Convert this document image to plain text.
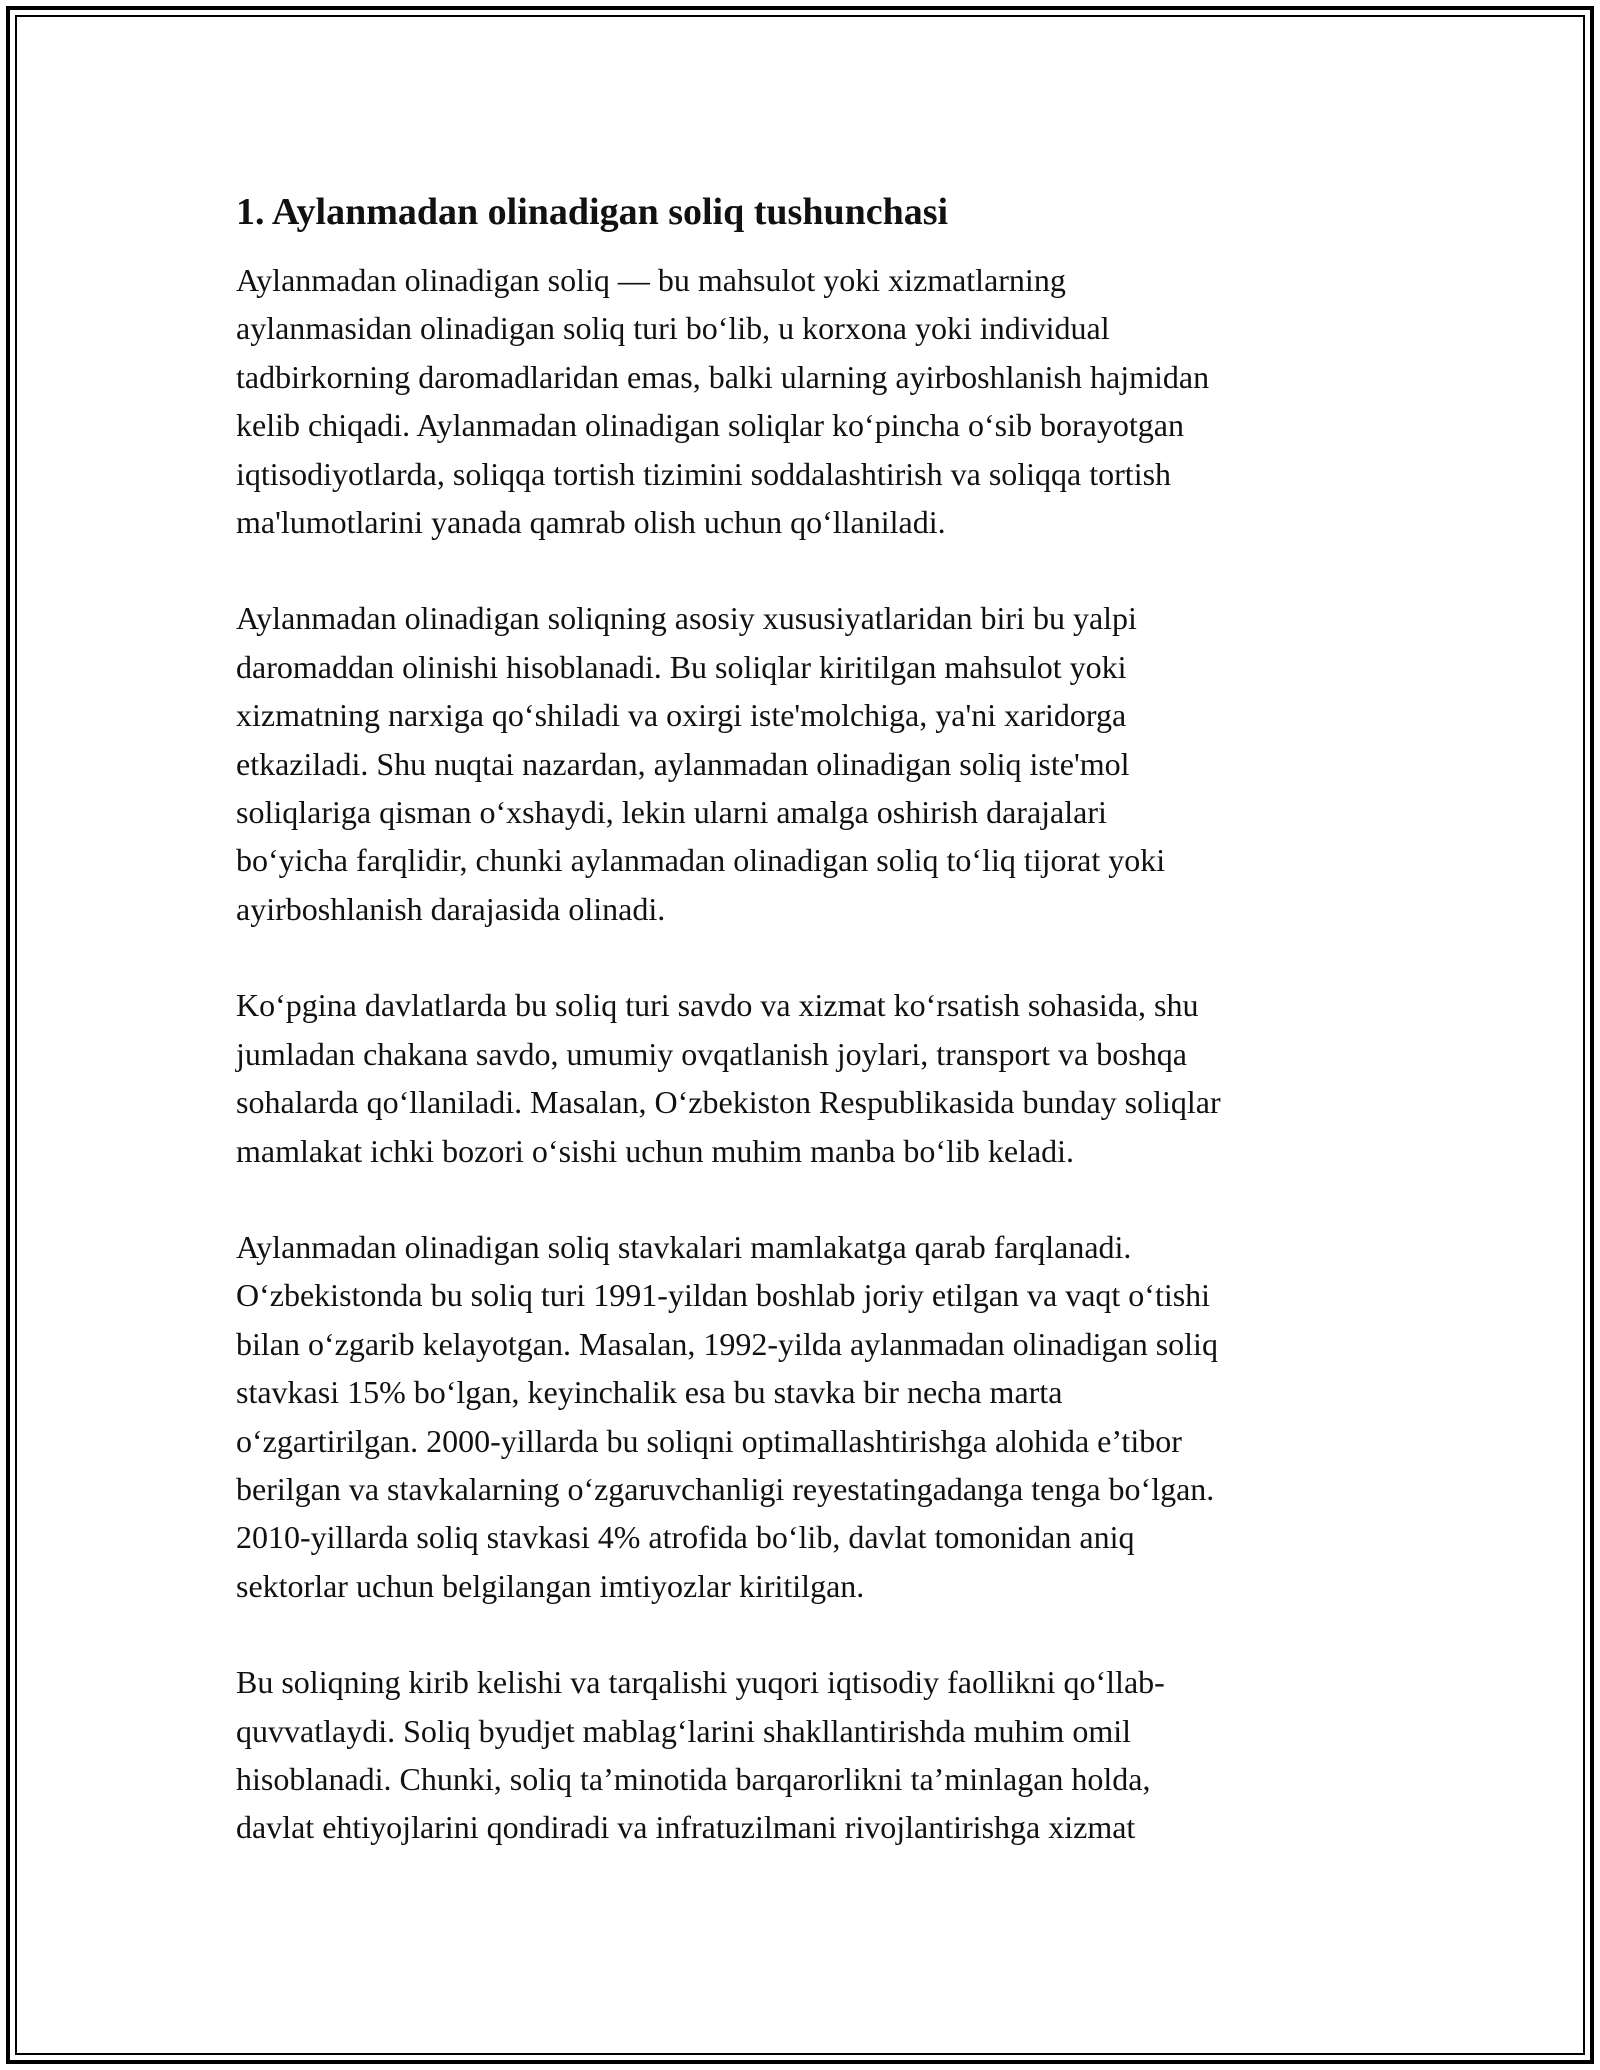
1. Aylanmadan olinadigan soliq tushunchasi
Aylanmadan olinadigan soliq — bu mahsulot yoki xizmatlarning
aylanmasidan olinadigan soliq turi bo‘lib, u korxona yoki individual
tadbirkorning daromadlaridan emas, balki ularning ayirboshlanish hajmidan
kelib chiqadi. Aylanmadan olinadigan soliqlar ko‘pincha o‘sib borayotgan
iqtisodiyotlarda, soliqqa tortish tizimini soddalashtirish va soliqqa tortish
ma'lumotlarini yanada qamrab olish uchun qo‘llaniladi.
Aylanmadan olinadigan soliqning asosiy xususiyatlaridan biri bu yalpi
daromaddan olinishi hisoblanadi. Bu soliqlar kiritilgan mahsulot yoki
xizmatning narxiga qo‘shiladi va oxirgi iste'molchiga, ya'ni xaridorga
etkaziladi. Shu nuqtai nazardan, aylanmadan olinadigan soliq iste'mol
soliqlariga qisman o‘xshaydi, lekin ularni amalga oshirish darajalari
bo‘yicha farqlidir, chunki aylanmadan olinadigan soliq to‘liq tijorat yoki
ayirboshlanish darajasida olinadi.
Ko‘pgina davlatlarda bu soliq turi savdo va xizmat ko‘rsatish sohasida, shu
jumladan chakana savdo, umumiy ovqatlanish joylari, transport va boshqa
sohalarda qo‘llaniladi. Masalan, O‘zbekiston Respublikasida bunday soliqlar
mamlakat ichki bozori o‘sishi uchun muhim manba bo‘lib keladi.
Aylanmadan olinadigan soliq stavkalari mamlakatga qarab farqlanadi.
O‘zbekistonda bu soliq turi 1991-yildan boshlab joriy etilgan va vaqt o‘tishi
bilan o‘zgarib kelayotgan. Masalan, 1992-yilda aylanmadan olinadigan soliq
stavkasi 15% bo‘lgan, keyinchalik esa bu stavka bir necha marta
o‘zgartirilgan. 2000-yillarda bu soliqni optimallashtirishga alohida e’tibor
berilgan va stavkalarning o‘zgaruvchanligi reyestatingadanga tenga bo‘lgan.
2010-yillarda soliq stavkasi 4% atrofida bo‘lib, davlat tomonidan aniq
sektorlar uchun belgilangan imtiyozlar kiritilgan.
Bu soliqning kirib kelishi va tarqalishi yuqori iqtisodiy faollikni qo‘llab-
quvvatlaydi. Soliq byudjet mablag‘larini shakllantirishda muhim omil
hisoblanadi. Chunki, soliq ta’minotida barqarorlikni ta’minlagan holda,
davlat ehtiyojlarini qondiradi va infratuzilmani rivojlantirishga xizmat
